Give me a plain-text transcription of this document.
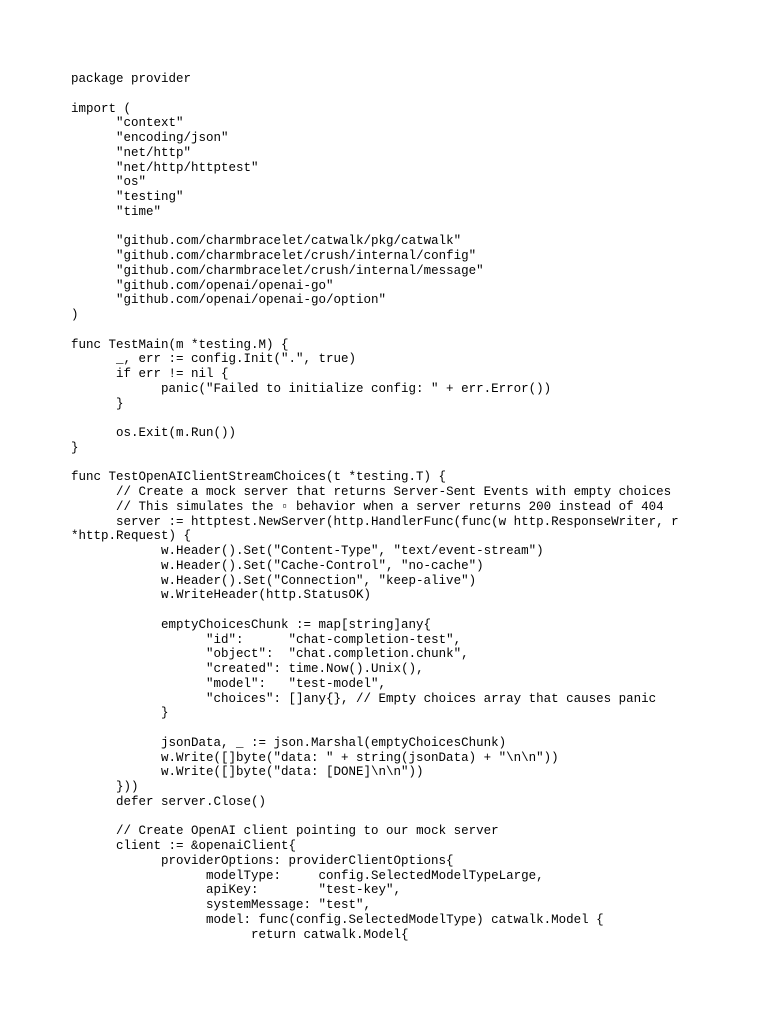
package provider
import (
	"context"
	"encoding/json"
	"net/http"
	"net/http/httptest"
	"os"
	"testing"
	"time"
	"github.com/charmbracelet/catwalk/pkg/catwalk"
	"github.com/charmbracelet/crush/internal/config"
	"github.com/charmbracelet/crush/internal/message"
	"github.com/openai/openai-go"
	"github.com/openai/openai-go/option"
)
func TestMain(m *testing.M) {
	_, err := config.Init(".", true)
	if err != nil {
		panic("Failed to initialize config: " + err.Error())
	}
	os.Exit(m.Run())
}
func TestOpenAIClientStreamChoices(t *testing.T) {
	// Create a mock server that returns Server-Sent Events with empty choices
	// This simulates the ▫ behavior when a server returns 200 instead of 404
	server := httptest.NewServer(http.HandlerFunc(func(w http.ResponseWriter, r
*http.Request) {
		w.Header().Set("Content-Type", "text/event-stream")
		w.Header().Set("Cache-Control", "no-cache")
		w.Header().Set("Connection", "keep-alive")
		w.WriteHeader(http.StatusOK)
		emptyChoicesChunk := map[string]any{
			"id":      "chat-completion-test",
			"object":  "chat.completion.chunk",
			"created": time.Now().Unix(),
			"model":   "test-model",
			"choices": []any{}, // Empty choices array that causes panic
		}
		jsonData, _ := json.Marshal(emptyChoicesChunk)
		w.Write([]byte("data: " + string(jsonData) + "\n\n"))
		w.Write([]byte("data: [DONE]\n\n"))
	}))
	defer server.Close()
	// Create OpenAI client pointing to our mock server
	client := &openaiClient{
		providerOptions: providerClientOptions{
			modelType:     config.SelectedModelTypeLarge,
			apiKey:        "test-key",
			systemMessage: "test",
			model: func(config.SelectedModelType) catwalk.Model {
				return catwalk.Model{
